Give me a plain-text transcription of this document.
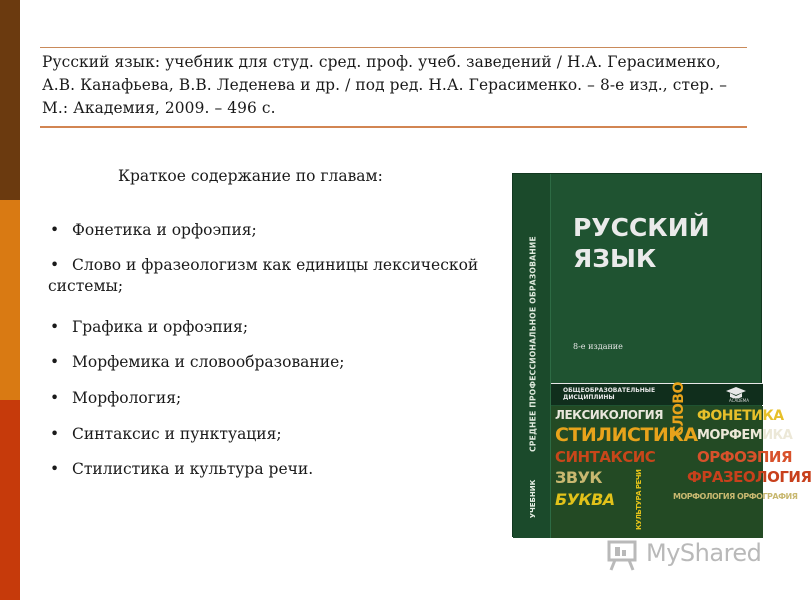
Русский язык: учебник для студ. сред. проф. учеб. заведений / Н.А. Герасименко, А.В. Канафьева, В.В. Леденева и др. / под ред. Н.А. Герасименко. – 8-е изд., стер. – М.: Академия, 2009. – 496 с.

Краткое содержание по главам:

• Фонетика и орфоэпия;
• Слово и фразеологизм как единицы лексической системы;
• Графика и орфоэпия;
• Морфемика и словообразование;
• Морфология;
• Синтаксис и пунктуация;
• Стилистика и культура речи.
СРЕДНЕЕ ПРОФЕССИОНАЛЬНОЕ ОБРАЗОВАНИЕ
УЧЕБНИК
РУССКИЙ ЯЗЫК
8-е издание
ОБЩЕОБРАЗОВАТЕЛЬНЫЕ ДИСЦИПЛИНЫ	ACADEMA
ЛЕКСИКОЛОГИЯ
СТИЛИСТИКА
СИНТАКСИС
ЗВУК
БУКВА
СЛОВО ФОНЕТИКА
МОРФЕМИКА
ОРФОЭПИЯ
ФРАЗЕОЛОГИЯ
МОРФОЛОГИЯ ОРФОГРАФИЯ
КУЛЬТУРА РЕЧИ
MyShared
